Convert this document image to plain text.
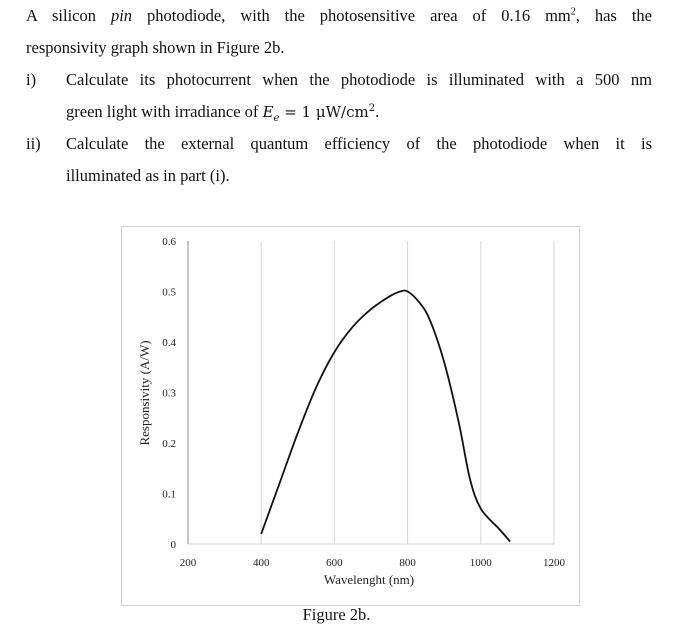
A silicon pin photodiode, with the photosensitive area of 0.16 $mm^2$, has the
responsivity graph shown in Figure 2b.
i) Calculate its photocurrent when the photodiode is illuminated with a 500 nm
green light with irradiance of $E_e = 1$ $\mu W/cm^2$.
ii) Calculate the external quantum efficiency of the photodiode when it is
illuminated as in part (i).
0
0.1
0.2
0.3
0.4
0.5
0.6
200	400	600	800	1000	1200
Wavelenght (nm)
Responsivity (A/W)
Figure 2b.
